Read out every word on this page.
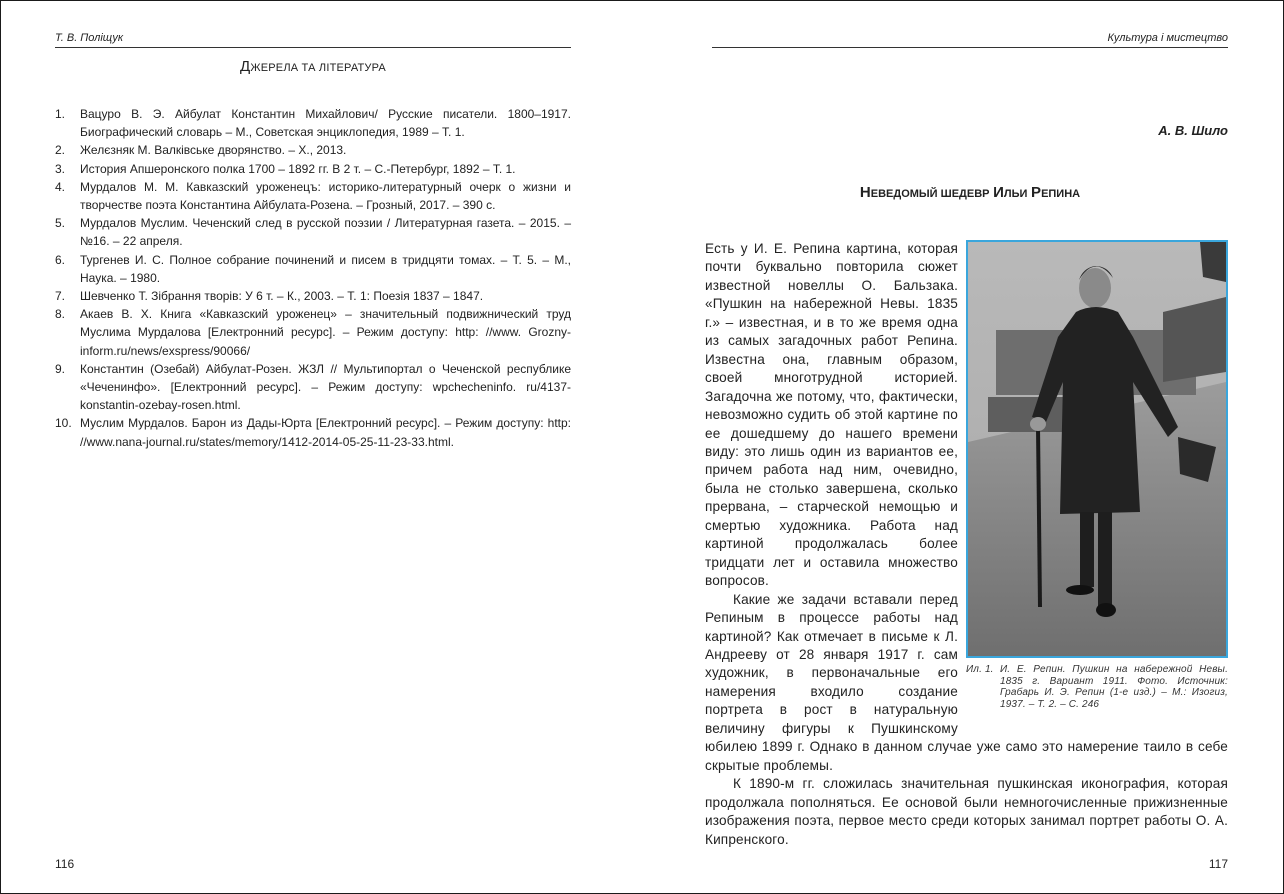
Т. В. Поліщук
ДЖЕРЕЛА ТА ЛІТЕРАТУРА
1. Вацуро В. Э. Айбулат Константин Михайлович/ Русские писатели. 1800–1917. Биографический словарь – М., Советская энциклопедия, 1989 – Т. 1.
2. Желєзняк М. Валківське дворянство. – Х., 2013.
3. История Апшеронского полка 1700 – 1892 гг. В 2 т. – С.-Петербург, 1892 – Т. 1.
4. Мурдалов М. М. Кавказский уроженецъ: историко-литературный очерк о жизни и творчестве поэта Константина Айбулата-Розена. – Грозный, 2017. – 390 с.
5. Мурдалов Муслим. Чеченский след в русской поэзии / Литературная газета. – 2015. – №16. – 22 апреля.
6. Тургенев И. С. Полное собрание починений и писем в тридцяти томах. – Т. 5. – М., Наука. – 1980.
7. Шевченко Т. Зібрання творів: У 6 т. – К., 2003. – Т. 1: Поезія 1837 – 1847.
8. Акаев В. Х. Книга «Кавказский уроженец» – значительный подвижнический труд Муслима Мурдалова [Електронний ресурс]. – Режим доступу: http: //www. Grozny-inform.ru/news/exspress/90066/
9. Константин (Озебай) Айбулат-Розен. ЖЗЛ // Мультипортал о Чеченской республике «Чеченинфо». [Електронний ресурс]. – Режим доступу: wpchecheninfo. ru/4137-konstantin-ozebay-rosen.html.
10. Муслим Мурдалов. Барон из Дады-Юрта [Електронний ресурс]. – Режим доступу: http: //www.nana-journal.ru/states/memory/1412-2014-05-25-11-23-33.html.
116
Культура і мистецтво
А. В. Шило
НЕВЕДОМЫЙ ШЕДЕВР ИЛЬИ РЕПИНА
Ил. 1. И. Е. Репин. Пушкин на набережной Невы. 1835 г. Вариант 1911. Фото. Источник: Грабарь И. Э. Репин (1-е изд.) – М.: Изогиз, 1937. – Т. 2. – С. 246

Есть у И. Е. Репина картина, которая почти буквально повторила сюжет известной новеллы О. Бальзака. «Пушкин на набережной Невы. 1835 г.» – известная, и в то же время одна из самых загадочных работ Репина. Известна она, главным образом, своей многотрудной историей. Загадочна же потому, что, фактически, невозможно судить об этой картине по ее дошедшему до нашего времени виду: это лишь один из вариантов ее, причем работа над ним, очевидно, была не столько завершена, сколько прервана, – старческой немощью и смертью художника. Работа над картиной продолжалась более тридцати лет и оставила множество вопросов.

Какие же задачи вставали перед Репиным в процессе работы над картиной? Как отмечает в письме к Л. Андрееву от 28 января 1917 г. сам художник, в первоначальные его намерения входило создание портрета в рост в натуральную величину фигуры к Пушкинскому юбилею 1899 г. Однако в данном случае уже само это намерение таило в себе скрытые проблемы.

К 1890-м гг. сложилась значительная пушкинская иконография, которая продолжала пополняться. Ее основой были немногочисленные прижизненные изображения поэта, первое место среди которых занимал портрет работы О. А. Кипренского.

117
